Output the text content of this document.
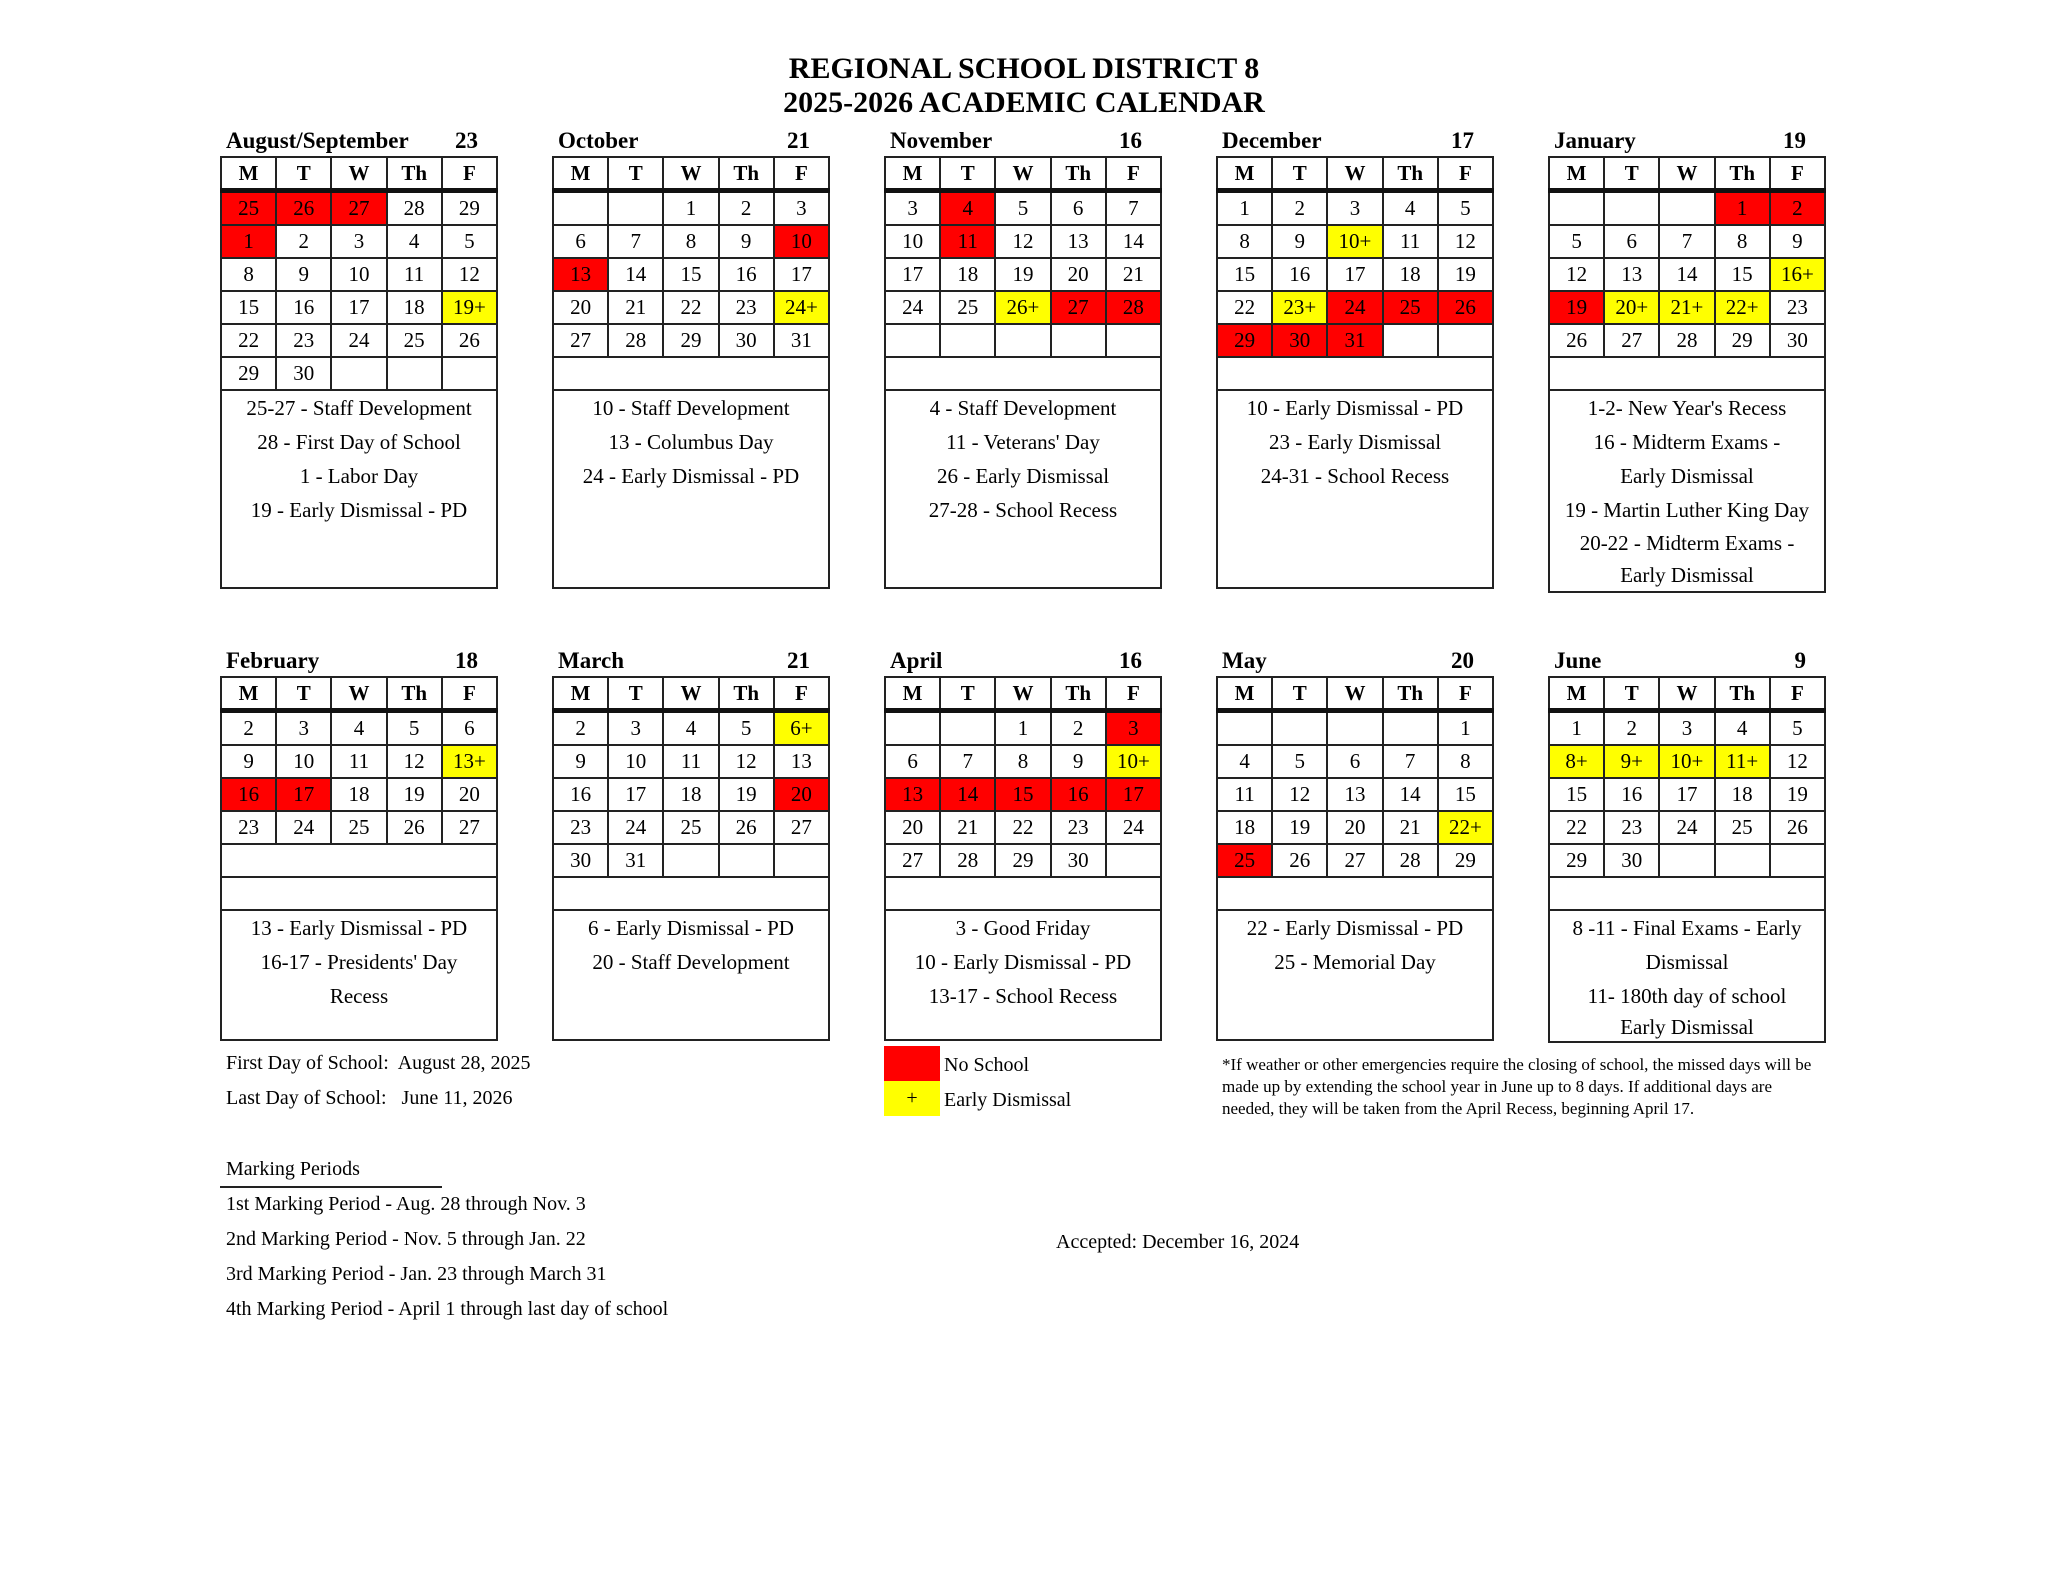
REGIONAL SCHOOL DISTRICT 8
2025-2026 ACADEMIC CALENDAR
August/September 23
M	T	W	Th	F
25	26	27	28	29
1	2	3	4	5
8	9	10	11	12
15	16	17	18	19+
22	23	24	25	26
29	30			

25-27 - Staff Development
28 - First Day of School
1 - Labor Day
19 - Early Dismissal - PD				
October	21
M	T	W	Th	F
		1	2	3
6	7	8	9	10
13	14	15	16	17
20	21	22	23	24+
27	28	29	30	31

10 - Staff Development
13 - Columbus Day
24 - Early Dismissal - PD				
November	16
M	T	W	Th	F
3	4	5	6	7
10	11	12	13	14
17	18	19	20	21
24	25	26+	27	28

4 - Staff Development
11 - Veterans' Day
26 - Early Dismissal
27-28 - School Recess				
December	17
M	T	W	Th	F
1	2	3	4	5
8	9	10+	11	12
15	16	17	18	19
22	23+	24	25	26
29	30	31		

10 - Early Dismissal - PD
23 - Early Dismissal
24-31 - School Recess				
January	19
M	T	W	Th	F
			1	2
5	6	7	8	9
12	13	14	15	16+
19	20+	21+	22+	23
26	27	28	29	30

1-2- New Year's Recess
16 - Midterm Exams -
Early Dismissal
19 - Martin Luther King Day
20-22 - Midterm Exams -
Early Dismissal
February	18
M	T	W	Th	F
2	3	4	5	6
9	10	11	12	13+
16	17	18	19	20
23	24	25	26	27

13 - Early Dismissal - PD
16-17 - Presidents' Day
Recess				
March	21
M	T	W	Th	F
2	3	4	5	6+
9	10	11	12	13
16	17	18	19	20
23	24	25	26	27
30	31			

6 - Early Dismissal - PD
20 - Staff Development				
April	16
M	T	W	Th	F
		1	2	3
6	7	8	9	10+
13	14	15	16	17
20	21	22	23	24
27	28	29	30	

3 - Good Friday
10 - Early Dismissal - PD
13-17 - School Recess				
May	20
M	T	W	Th	F
				1
4	5	6	7	8
11	12	13	14	15
18	19	20	21	22+
25	26	27	28	29

22 - Early Dismissal - PD
25 - Memorial Day				
June	9
M	T	W	Th	F
1	2	3	4	5
8+	9+	10+	11+	12
15	16	17	18	19
22	23	24	25	26
29	30			

8 -11 - Final Exams - Early
Dismissal
11- 180th day of school
Early Dismissal				
First Day of School: August 28, 2025
Last Day of School: June 11, 2026
No School
+	Early Dismissal
*If weather or other emergencies require the closing of school, the missed days will be made up by extending the school year in June up to 8 days. If additional days are needed, they will be taken from the April Recess, beginning April 17.
Marking Periods
1st Marking Period - Aug. 28 through Nov. 3
2nd Marking Period - Nov. 5 through Jan. 22
3rd Marking Period - Jan. 23 through March 31
4th Marking Period - April 1 through last day of school
Accepted: December 16, 2024
